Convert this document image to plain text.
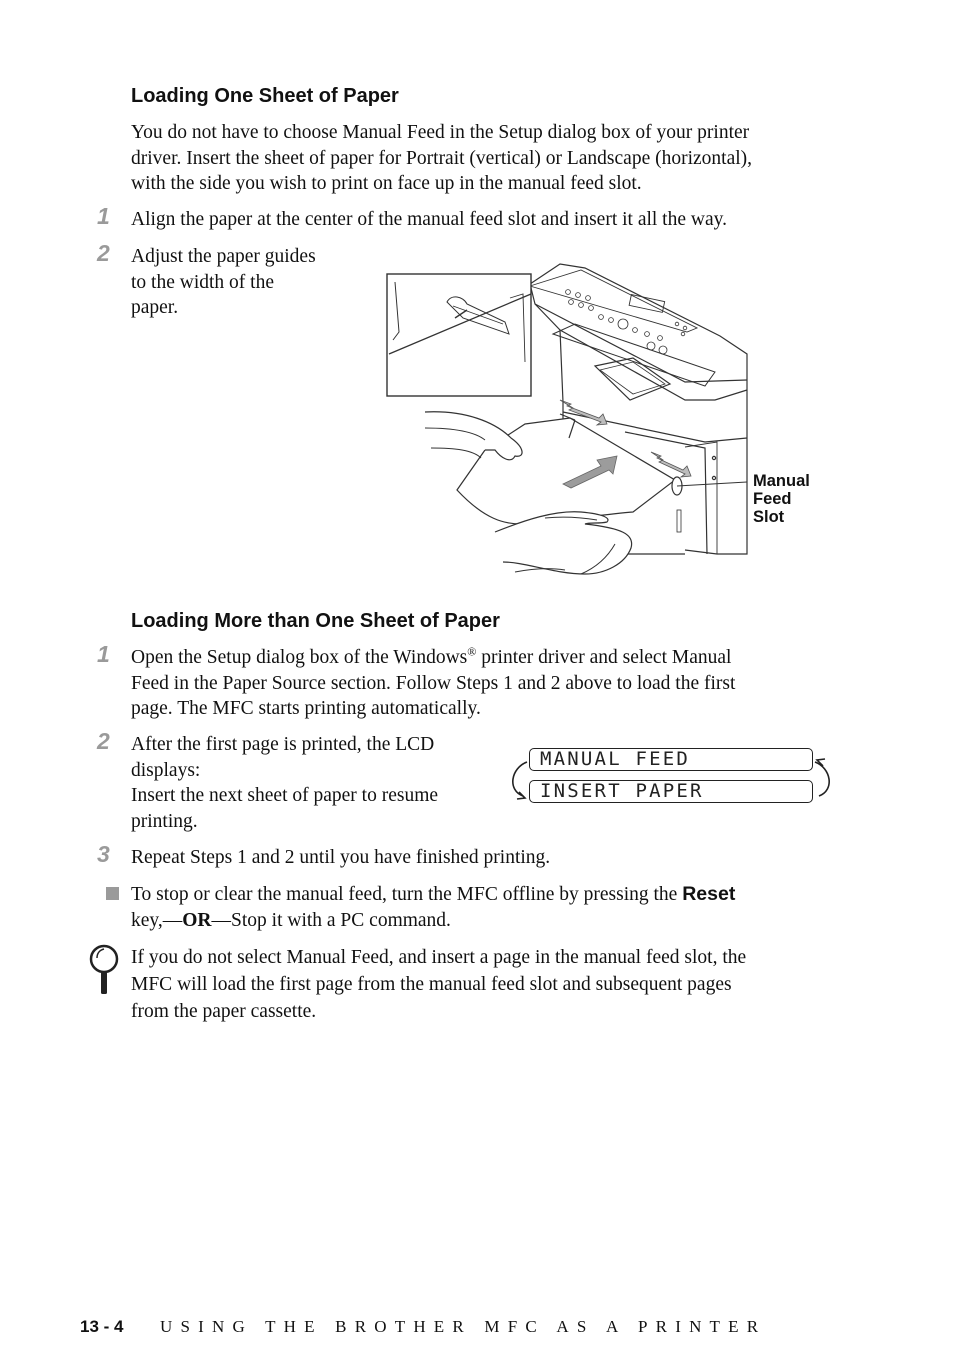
Loading One Sheet of Paper
You do not have to choose Manual Feed in the Setup dialog box of your printer
driver. Insert the sheet of paper for Portrait (vertical) or Landscape (horizontal),
with the side you wish to print on face up in the manual feed slot.
1 Align the paper at the center of the manual feed slot and insert it all the way.
2 Adjust the paper guides
to the width of the
paper.
Manual
Feed
Slot
Loading More than One Sheet of Paper
1 Open the Setup dialog box of the Windows® printer driver and select Manual
Feed in the Paper Source section. Follow Steps 1 and 2 above to load the first
page. The MFC starts printing automatically.
2 After the first page is printed, the LCD
displays:
Insert the next sheet of paper to resume
printing.
MANUAL FEED
INSERT PAPER
3 Repeat Steps 1 and 2 until you have finished printing.
To stop or clear the manual feed, turn the MFC offline by pressing the Reset
key,—OR—Stop it with a PC command.
If you do not select Manual Feed, and insert a page in the manual feed slot, the
MFC will load the first page from the manual feed slot and subsequent pages
from the paper cassette.
13 - 4 USING THE BROTHER MFC AS A PRINTER
